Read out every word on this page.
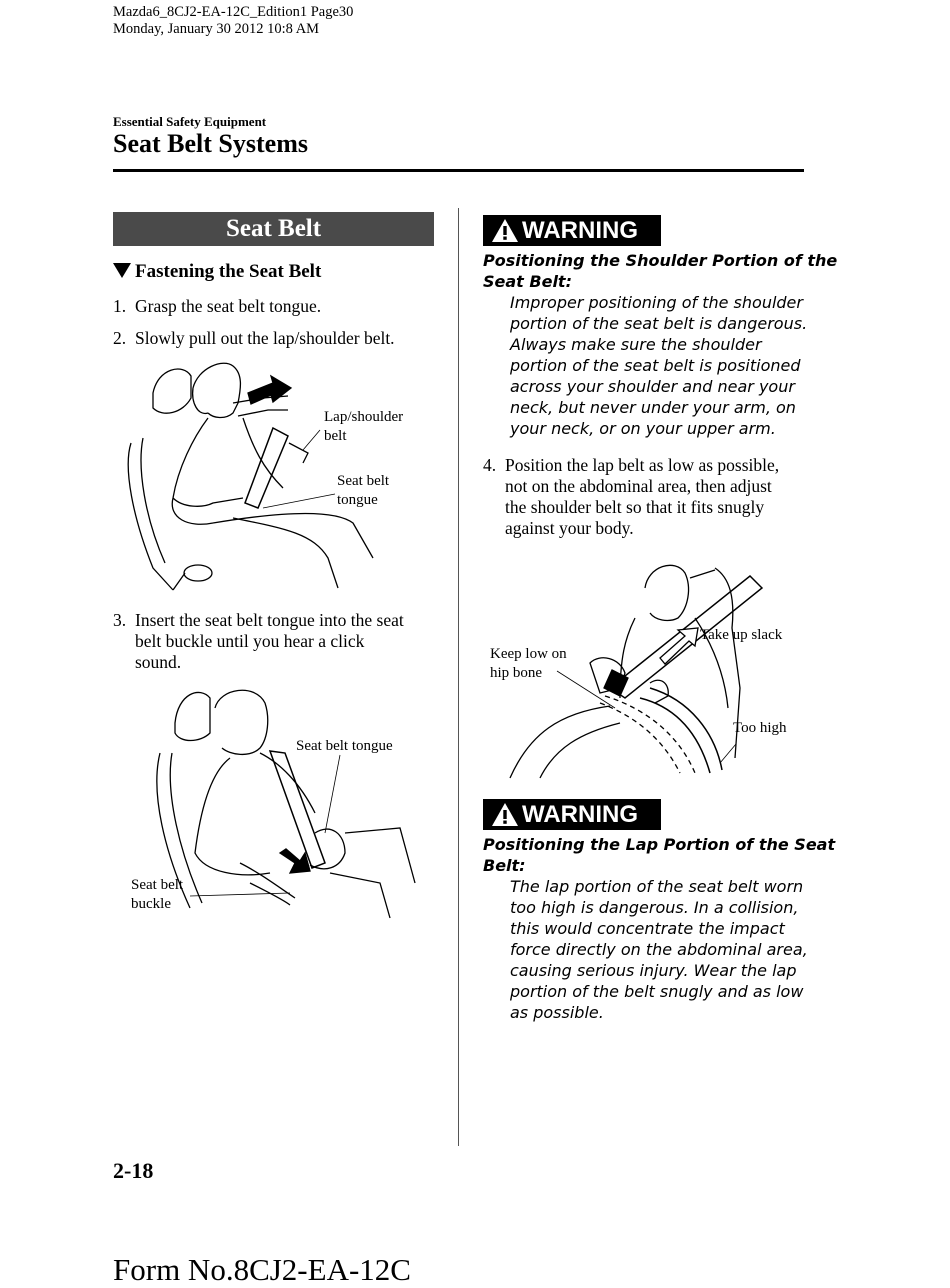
Mazda6_8CJ2-EA-12C_Edition1 Page30
Monday, January 30 2012 10:8 AM
Essential Safety Equipment
Seat Belt Systems
Seat Belt
Fastening the Seat Belt
1. Grasp the seat belt tongue.
2. Slowly pull out the lap/shoulder belt.
Lap/shoulder
belt
Seat belt
tongue
3. Insert the seat belt tongue into the seat
belt buckle until you hear a click
sound.
Seat belt tongue
Seat belt
buckle
WARNING
Positioning the Shoulder Portion of the
Seat Belt:
Improper positioning of the shoulder
portion of the seat belt is dangerous.
Always make sure the shoulder
portion of the seat belt is positioned
across your shoulder and near your
neck, but never under your arm, on
your neck, or on your upper arm.
4. Position the lap belt as low as possible,
not on the abdominal area, then adjust
the shoulder belt so that it fits snugly
against your body.
Take up slack
Keep low on
hip bone
Too high
WARNING
Positioning the Lap Portion of the Seat
Belt:
The lap portion of the seat belt worn
too high is dangerous. In a collision,
this would concentrate the impact
force directly on the abdominal area,
causing serious injury. Wear the lap
portion of the belt snugly and as low
as possible.
2-18
Form No.8CJ2-EA-12C
